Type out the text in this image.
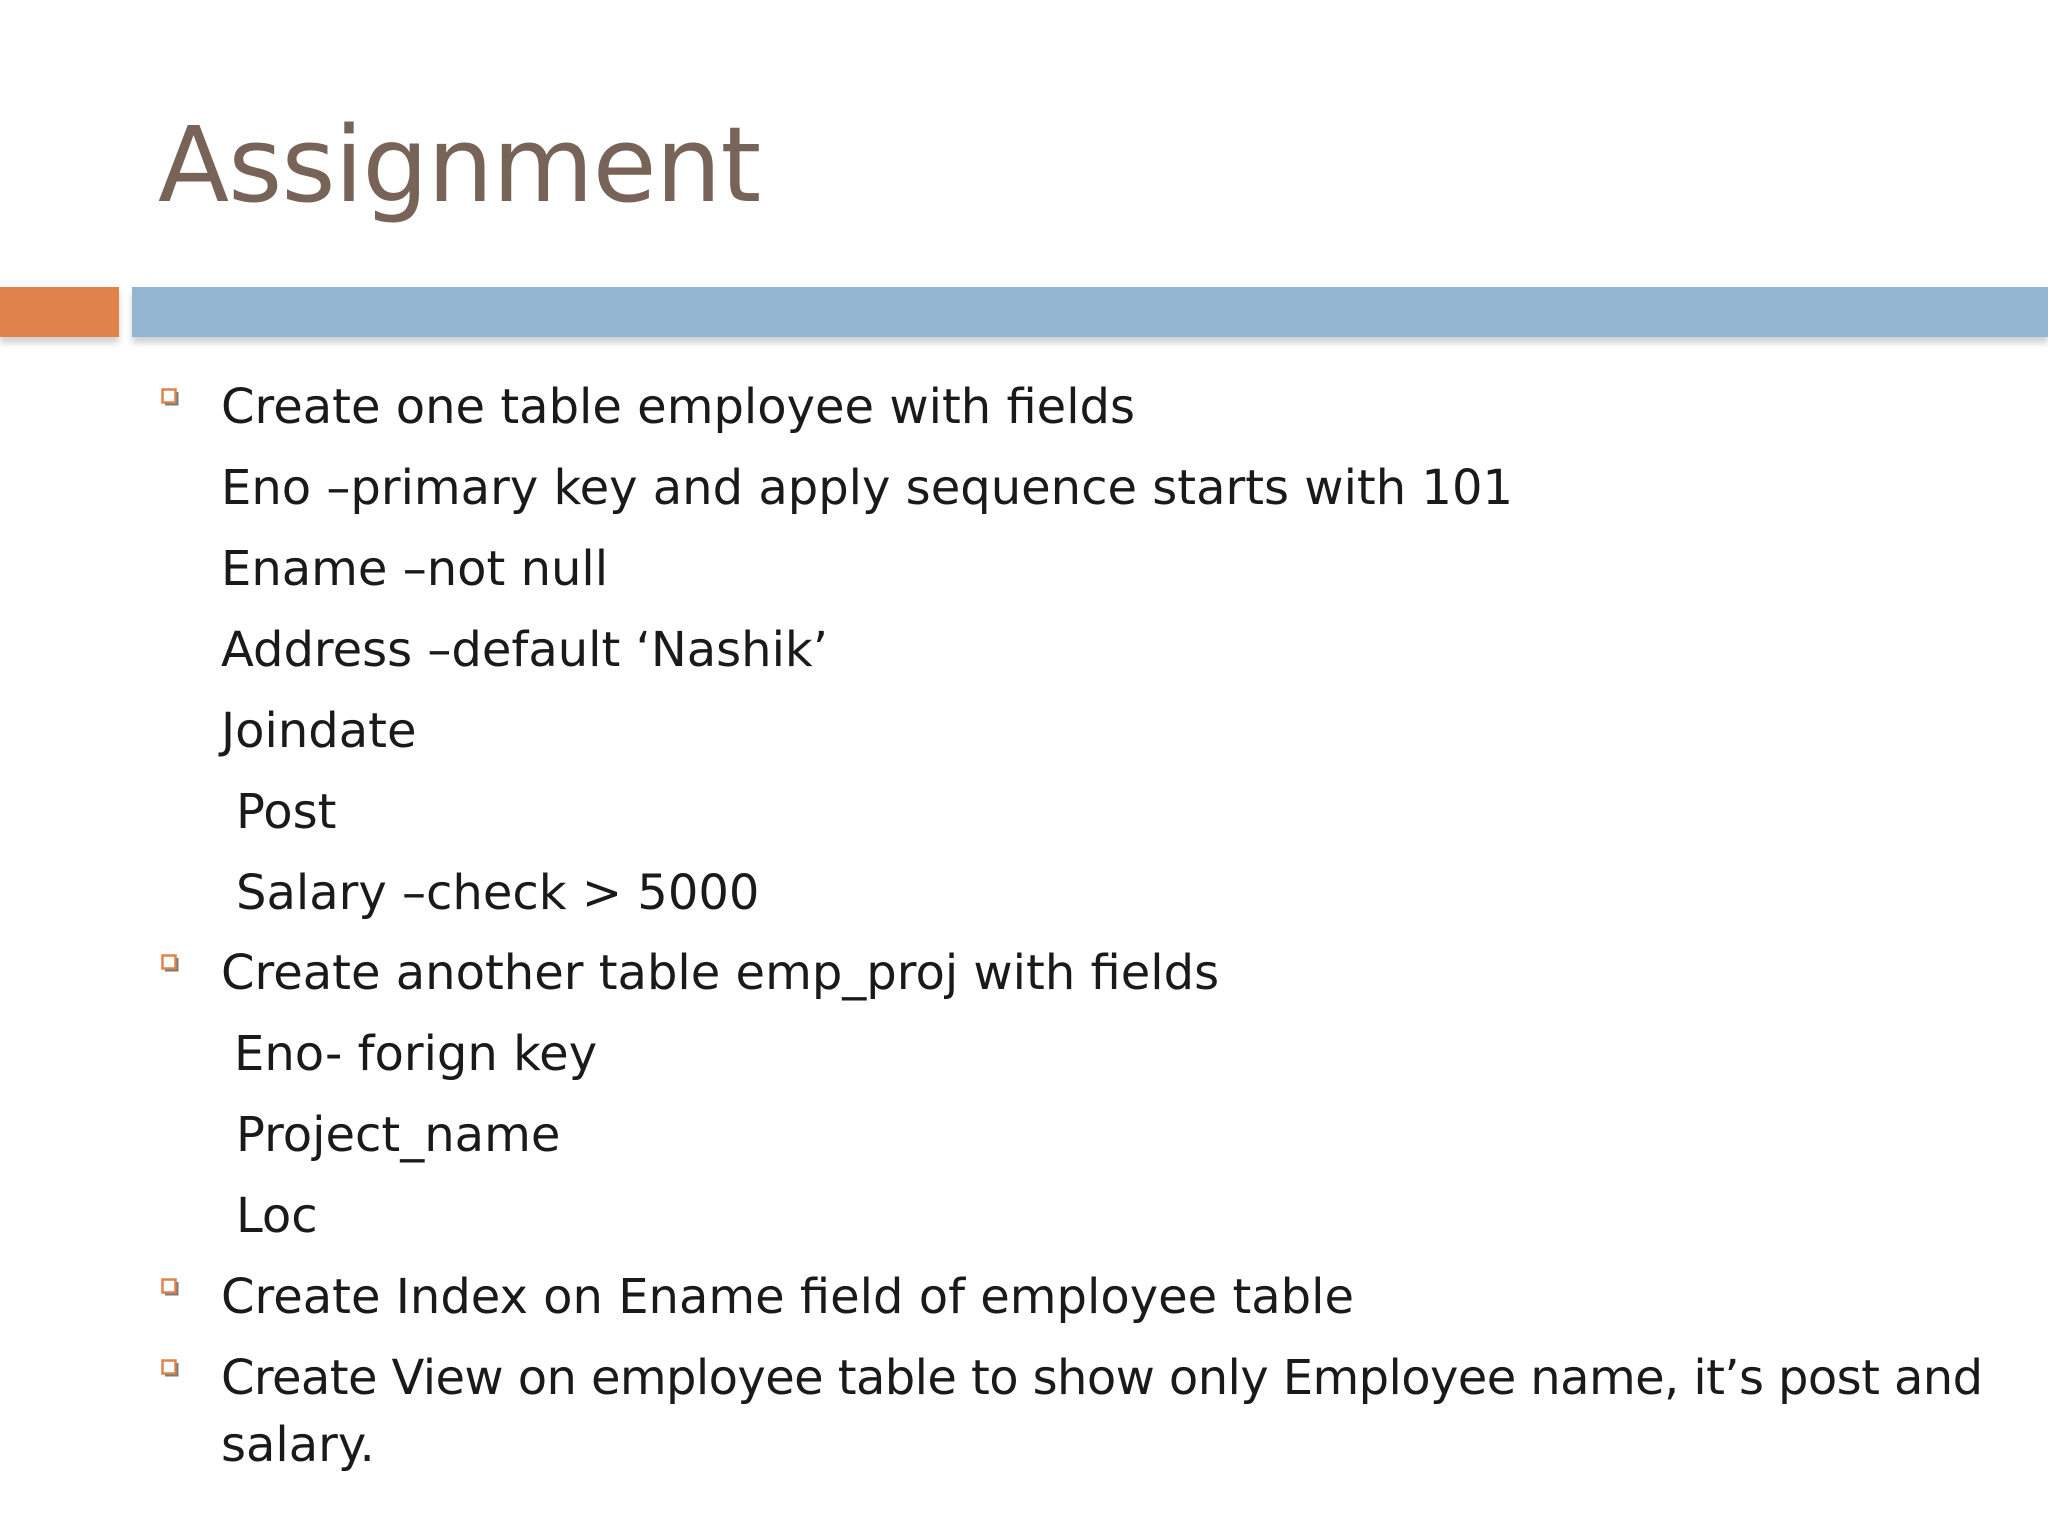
Assignment
Create one table employee with fields
Eno –primary key and apply sequence starts with 101
Ename –not null
Address –default ‘Nashik’
Joindate
Post
Salary –check > 5000
Create another table emp_proj with fields
Eno- forign key
Project_name
Loc
Create Index on Ename field of employee table
Create View on employee table to show only Employee name, it’s post and
salary.
